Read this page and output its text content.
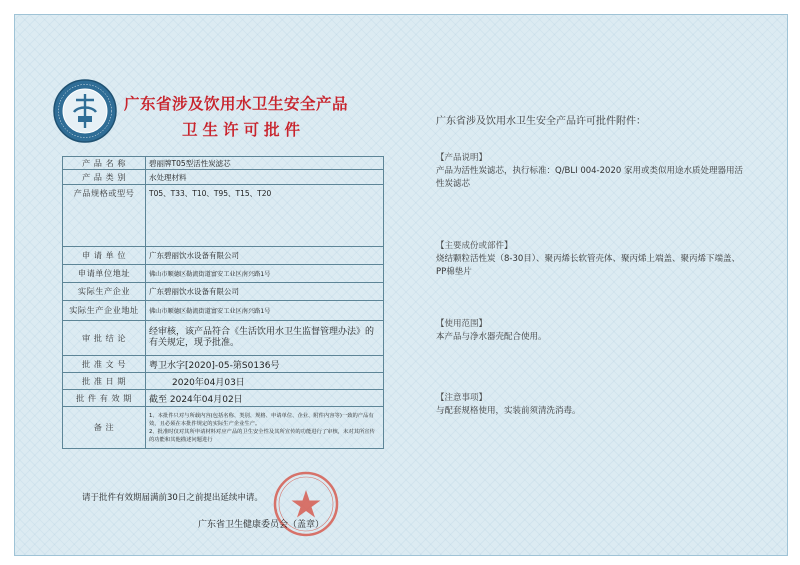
广东省涉及饮用水卫生安全产品
卫生许可批件	广东省涉及饮用水卫生安全产品许可批件附件：
产 品 名 称	碧丽牌T05型活性炭滤芯
产 品 类 别	水处理材料
产品规格或型号	T05、T33、T10、T95、T15、T20
申 请 单 位	广东碧丽饮水设备有限公司
申请单位地址	佛山市顺德区勒流街道富安工业区南兴路1号
实际生产企业	广东碧丽饮水设备有限公司
实际生产企业地址	佛山市顺德区勒流街道富安工业区南兴路1号
审 批 结 论	经审核，该产品符合《生活饮用水卫生监督管理办法》的有关规定，现予批准。
批 准 文 号	粤卫水字[2020]-05-第S0136号
批 准 日 期	2020年04月03日
批 件 有 效 期	截至 2024年04月02日
备 注	1、本批件只对与所载内容(包括名称、类别、规格、申请单位、企业、附件内容等)一致的产品有效，且必须在本批件规定的实际生产企业生产。
2、批准时仅对其所申请材料对应产品的卫生安全性及其所宣传的功能进行了审核，未对其所宣传的功能和其他描述问题进行
请于批件有效期届满前30日之前提出延续申请。
广东省卫生健康委员会（盖章）
【产品说明】
产品为活性炭滤芯，执行标准：Q/BLI 004-2020 家用或类似用途水质处理器用活性炭滤芯
【主要成份或部件】
烧结颗粒活性炭（8-30目）、聚丙烯长软管壳体、聚丙烯上端盖、聚丙烯下端盖、PP棉垫片
【使用范围】
本产品与净水器壳配合使用。
【注意事项】
与配套规格使用，实装前须清洗消毒。
